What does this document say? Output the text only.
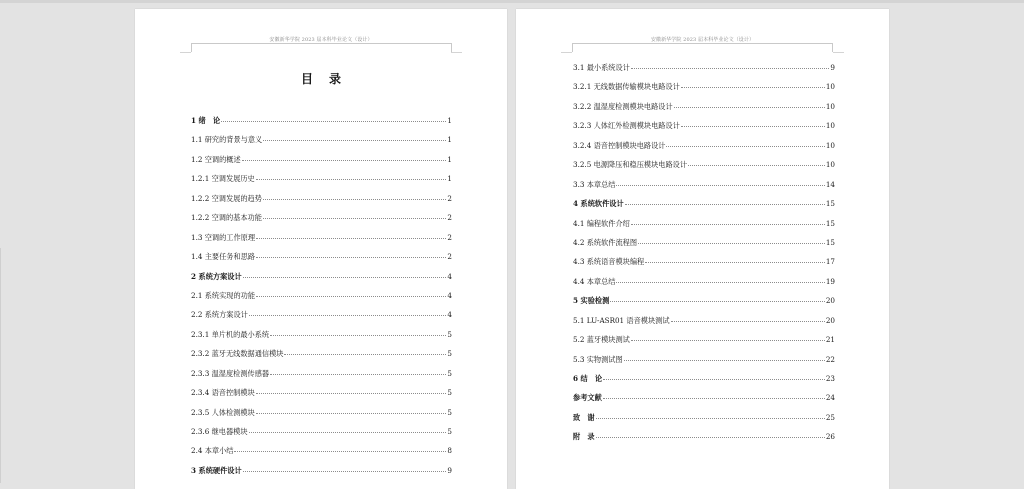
安徽新华学院 2023 届本科毕业论文（设计）
目录
1 绪　论	1
1.1 研究的背景与意义	1
1.2 空调的概述	1
1.2.1 空调发展历史	1
1.2.2 空调发展的趋势	2
1.2.2 空调的基本功能	2
1.3 空调的工作原理	2
1.4 主要任务和思路	2
2 系统方案设计	4
2.1 系统实现的功能	4
2.2 系统方案设计	4
2.3.1 单片机的最小系统	5
2.3.2 蓝牙无线数据通信模块	5
2.3.3 温湿度检测传感器	5
2.3.4 语音控制模块	5
2.3.5 人体检测模块	5
2.3.6 继电器模块	5
2.4 本章小结	8
3 系统硬件设计	9
安徽新华学院 2023 届本科毕业论文（设计）
3.1 最小系统设计	9
3.2.1 无线数据传输模块电路设计	10
3.2.2 温湿度检测模块电路设计	10
3.2.3 人体红外检测模块电路设计	10
3.2.4 语音控制模块电路设计	10
3.2.5 电源降压和稳压模块电路设计	10
3.3 本章总结	14
4 系统软件设计	15
4.1 编程软件介绍	15
4.2 系统软件流程图	15
4.3 系统语音模块编程	17
4.4 本章总结	19
5 实验检测	20
5.1 LU-ASR01 语音模块测试	20
5.2 蓝牙模块测试	21
5.3 实物测试图	22
6 结　论	23
参考文献	24
致　谢	25
附　录	26
